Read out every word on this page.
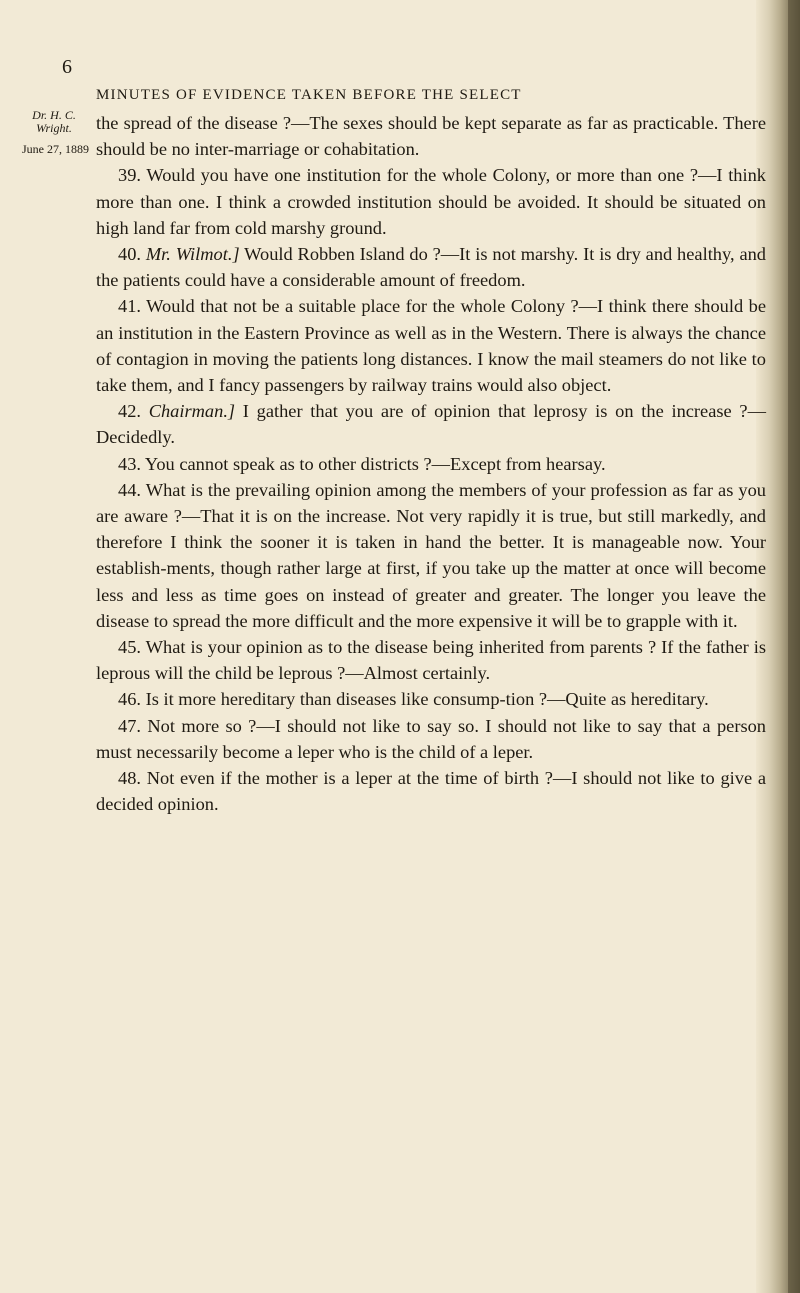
6
MINUTES OF EVIDENCE TAKEN BEFORE THE SELECT
Dr. H. C. Wright.
June 27, 1889

the spread of the disease ?—The sexes should be kept separate as far as practicable. There should be no inter-marriage or cohabitation.

39. Would you have one institution for the whole Colony, or more than one ?—I think more than one. I think a crowded institution should be avoided. It should be situated on high land far from cold marshy ground.

40. Mr. Wilmot.] Would Robben Island do ?—It is not marshy. It is dry and healthy, and the patients could have a considerable amount of freedom.

41. Would that not be a suitable place for the whole Colony ?—I think there should be an institution in the Eastern Province as well as in the Western. There is always the chance of contagion in moving the patients long distances. I know the mail steamers do not like to take them, and I fancy passengers by railway trains would also object.

42. Chairman.] I gather that you are of opinion that leprosy is on the increase ?—Decidedly.

43. You cannot speak as to other districts ?—Except from hearsay.

44. What is the prevailing opinion among the members of your profession as far as you are aware ?—That it is on the increase. Not very rapidly it is true, but still markedly, and therefore I think the sooner it is taken in hand the better. It is manageable now. Your establish-ments, though rather large at first, if you take up the matter at once will become less and less as time goes on instead of greater and greater. The longer you leave the disease to spread the more difficult and the more expensive it will be to grapple with it.

45. What is your opinion as to the disease being inherited from parents ? If the father is leprous will the child be leprous ?—Almost certainly.

46. Is it more hereditary than diseases like consump-tion ?—Quite as hereditary.

47. Not more so ?—I should not like to say so. I should not like to say that a person must necessarily become a leper who is the child of a leper.

48. Not even if the mother is a leper at the time of birth ?—I should not like to give a decided opinion.
